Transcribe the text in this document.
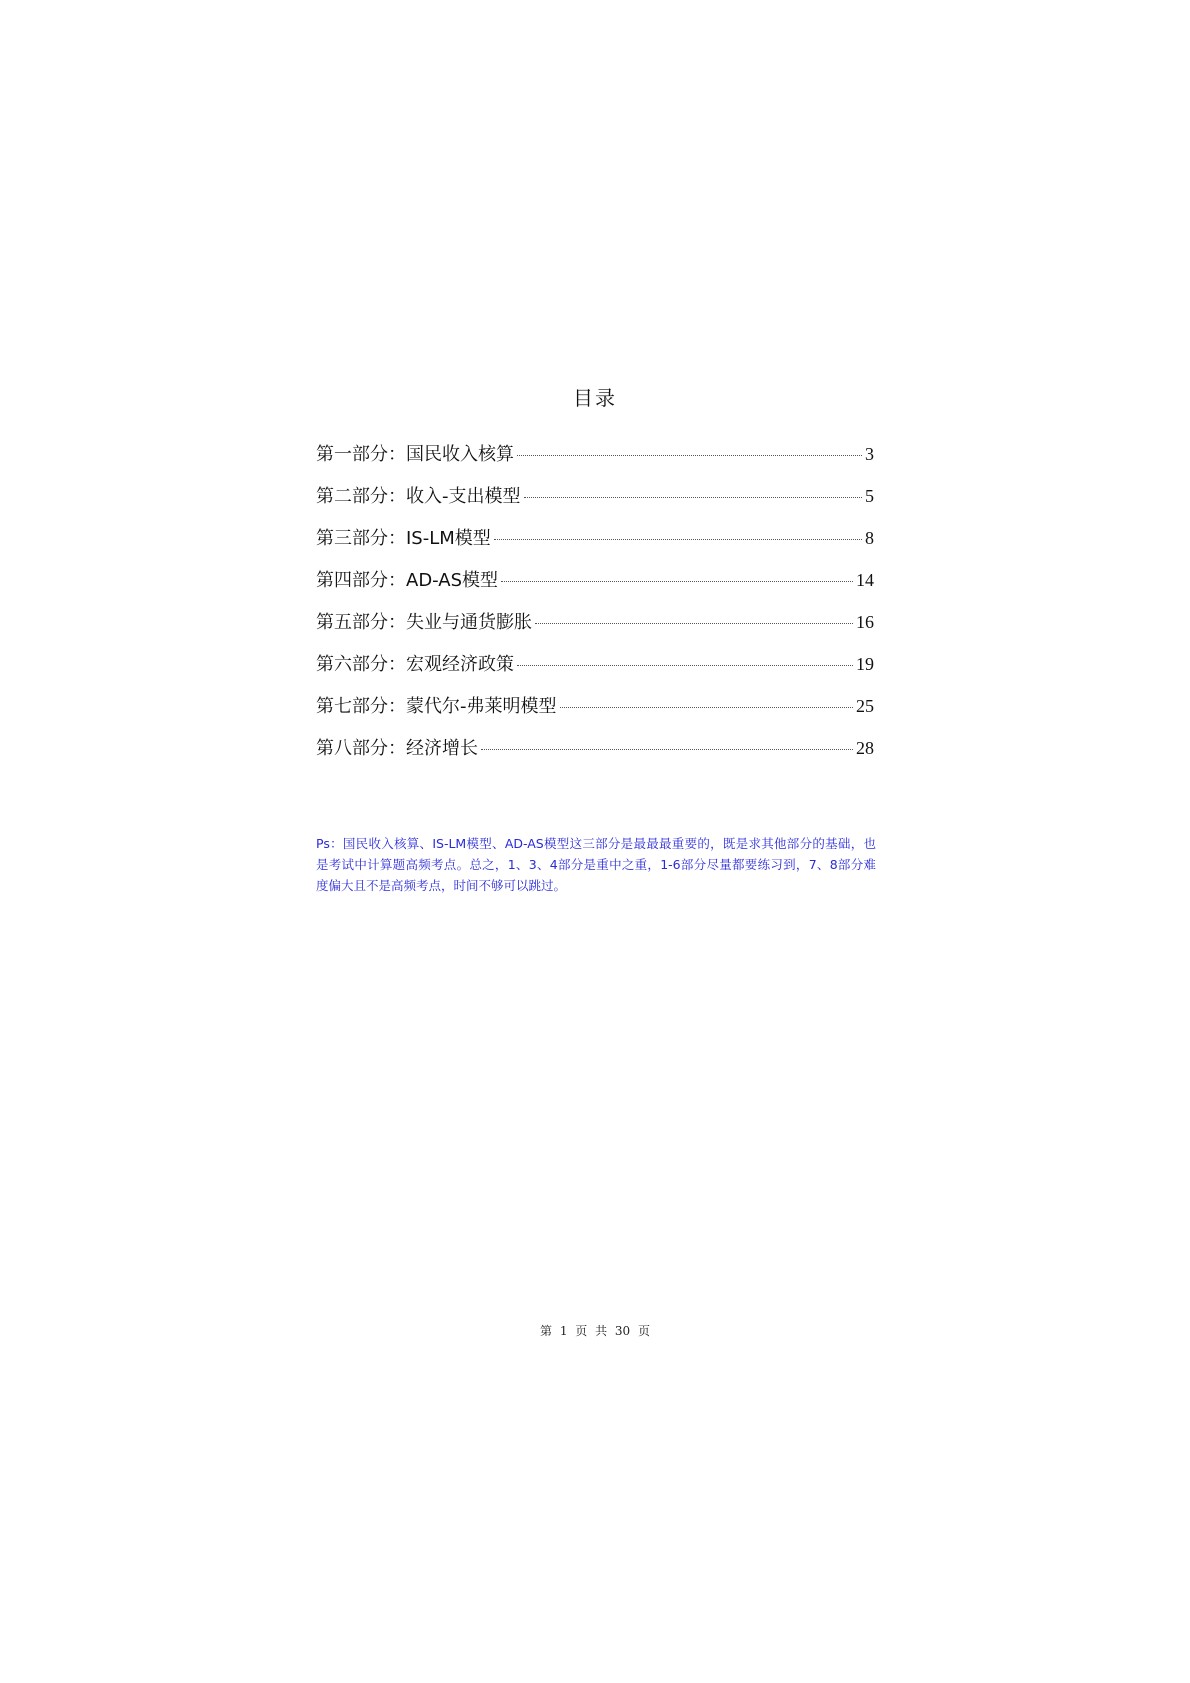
目录
第一部分：国民收入核算	3
第二部分：收入-支出模型	5
第三部分：IS-LM模型	8
第四部分：AD-AS模型	14
第五部分：失业与通货膨胀	16
第六部分：宏观经济政策	19
第七部分：蒙代尔-弗莱明模型	25
第八部分：经济增长	28

Ps：国民收入核算、IS-LM模型、AD-AS模型这三部分是最最最重要的，既是求其他部分的基础，也是考试中计算题高频考点。总之，1、3、4部分是重中之重，1-6部分尽量都要练习到，7、8部分难度偏大且不是高频考点，时间不够可以跳过。

第 1 页 共 30 页
